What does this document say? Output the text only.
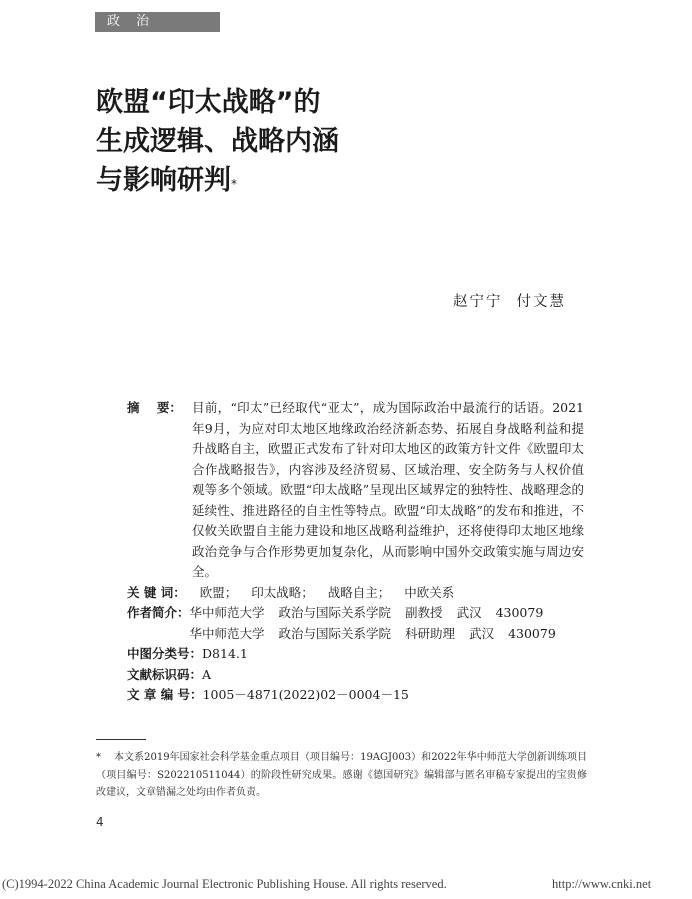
政 治
欧盟“印太战略”的
生成逻辑、战略内涵
与影响研判*
赵宁宁 付文慧
摘    要： 目前，“印太”已经取代“亚太”，成为国际政治中最流行的话语。2021年9月，为应对印太地区地缘政治经济新态势、拓展自身战略利益和提升战略自主，欧盟正式发布了针对印太地区的政策方针文件《欧盟印太合作战略报告》，内容涉及经济贸易、区域治理、安全防务与人权价值观等多个领域。欧盟“印太战略”呈现出区域界定的独特性、战略理念的延续性、推进路径的自主性等特点。欧盟“印太战略”的发布和推进，不仅攸关欧盟自主能力建设和地区战略利益维护，还将使得印太地区地缘政治竞争与合作形势更加复杂化，从而影响中国外交政策实施与周边安全。
关 键 词： 欧盟； 印太战略； 战略自主； 中欧关系
作者简介： 华中师范大学 政治与国际关系学院 副教授 武汉 430079
华中师范大学 政治与国际关系学院 科研助理 武汉 430079
中图分类号： D814.1
文献标识码： A
文 章 编 号： 1005－4871(2022)02－0004－15
* 本文系2019年国家社会科学基金重点项目（项目编号：19AGJ003）和2022年华中师范大学创新训练项目（项目编号：S202210511044）的阶段性研究成果。感谢《德国研究》编辑部与匿名审稿专家提出的宝贵修改建议，文章错漏之处均由作者负责。
4
(C)1994-2022 China Academic Journal Electronic Publishing House. All rights reserved.	http://www.cnki.net
